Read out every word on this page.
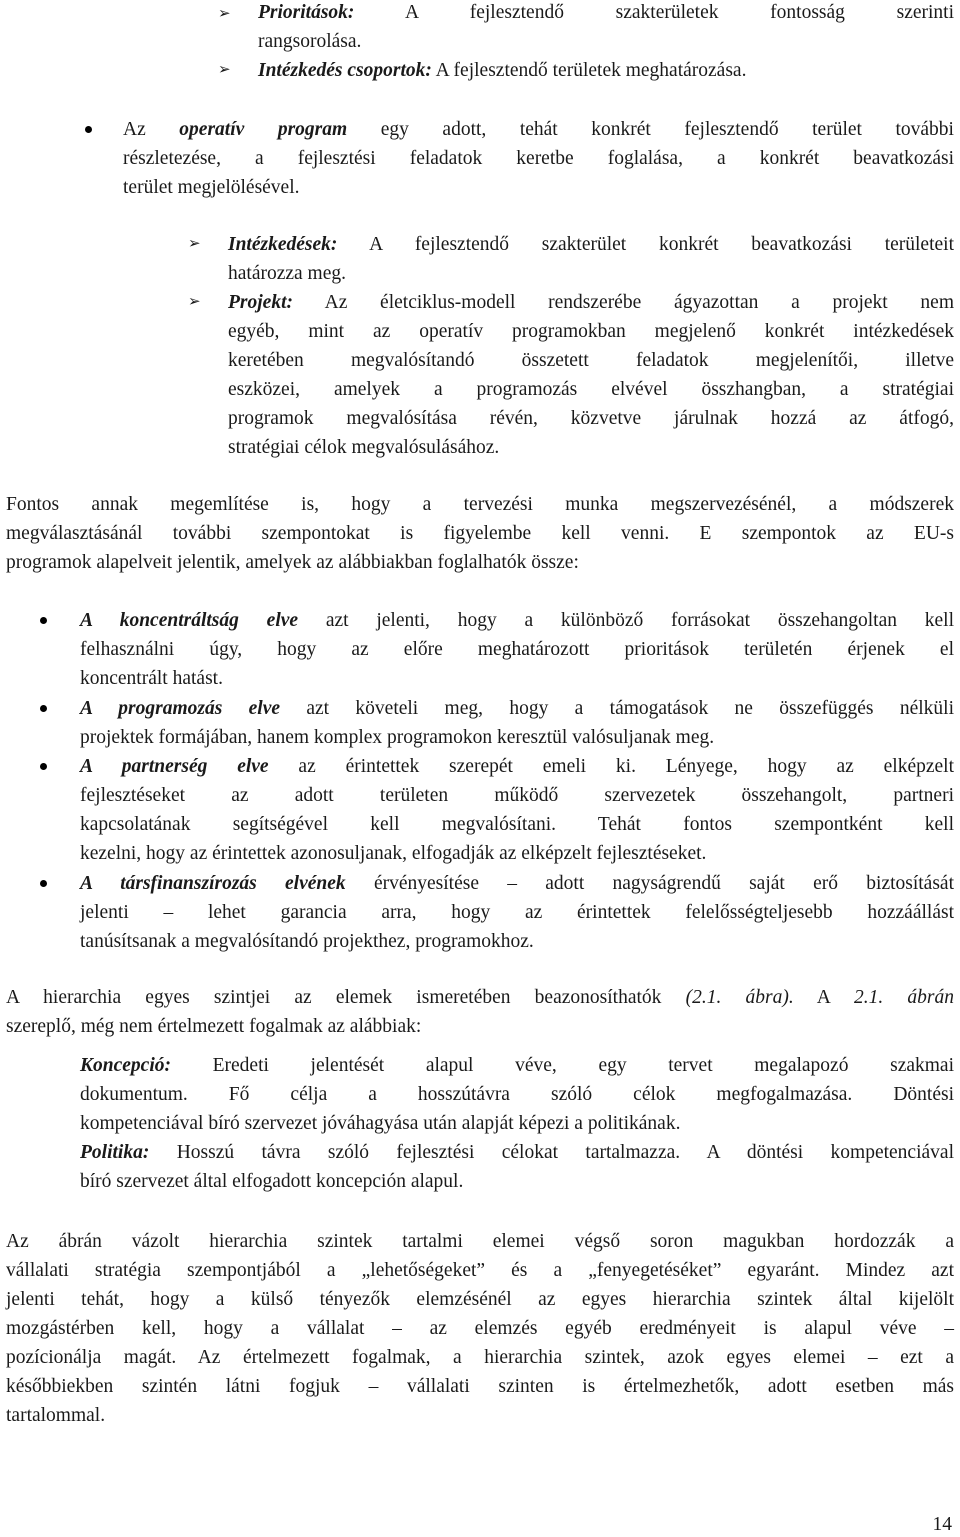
➢ Prioritások: A fejlesztendő szakterületek fontosság szerinti
rangsorolása.

➢ Intézkedés csoportok: A fejlesztendő területek meghatározása.

Az operatív program egy adott, tehát konkrét fejlesztendő terület további
részletezése, a fejlesztési feladatok keretbe foglalása, a konkrét beavatkozási
terület megjelölésével.

➢ Intézkedések: A fejlesztendő szakterület konkrét beavatkozási területeit
határozza meg.

➢ Projekt: Az életciklus-modell rendszerébe ágyazottan a projekt nem
egyéb, mint az operatív programokban megjelenő konkrét intézkedések
keretében megvalósítandó összetett feladatok megjelenítői, illetve
eszközei, amelyek a programozás elvével összhangban, a stratégiai
programok megvalósítása révén, közvetve járulnak hozzá az átfogó,
stratégiai célok megvalósulásához.

Fontos annak megemlítése is, hogy a tervezési munka megszervezésénél, a módszerek
megválasztásánál további szempontokat is figyelembe kell venni. E szempontok az EU-s
programok alapelveit jelentik, amelyek az alábbiakban foglalhatók össze:

A koncentráltság elve azt jelenti, hogy a különböző forrásokat összehangoltan kell
felhasználni úgy, hogy az előre meghatározott prioritások területén érjenek el
koncentrált hatást.

A programozás elve azt követeli meg, hogy a támogatások ne összefüggés nélküli
projektek formájában, hanem komplex programokon keresztül valósuljanak meg.

A partnerség elve az érintettek szerepét emeli ki. Lényege, hogy az elképzelt
fejlesztéseket az adott területen működő szervezetek összehangolt, partneri
kapcsolatának segítségével kell megvalósítani. Tehát fontos szempontként kell
kezelni, hogy az érintettek azonosuljanak, elfogadják az elképzelt fejlesztéseket.

A társfinanszírozás elvének érvényesítése – adott nagyságrendű saját erő biztosítását
jelenti – lehet garancia arra, hogy az érintettek felelősségteljesebb hozzáállást
tanúsítsanak a megvalósítandó projekthez, programokhoz.

A hierarchia egyes szintjei az elemek ismeretében beazonosíthatók (2.1. ábra). A 2.1. ábrán
szereplő, még nem értelmezett fogalmak az alábbiak:

Koncepció: Eredeti jelentését alapul véve, egy tervet megalapozó szakmai
dokumentum. Fő célja a hosszútávra szóló célok megfogalmazása. Döntési
kompetenciával bíró szervezet jóváhagyása után alapját képezi a politikának.

Politika: Hosszú távra szóló fejlesztési célokat tartalmazza. A döntési kompetenciával
bíró szervezet által elfogadott koncepción alapul.

Az ábrán vázolt hierarchia szintek tartalmi elemei végső soron magukban hordozzák a
vállalati stratégia szempontjából a „lehetőségeket” és a „fenyegetéséket” egyaránt. Mindez azt
jelenti tehát, hogy a külső tényezők elemzésénél az egyes hierarchia szintek által kijelölt
mozgástérben kell, hogy a vállalat – az elemzés egyéb eredményeit is alapul véve –
pozícionálja magát. Az értelmezett fogalmak, a hierarchia szintek, azok egyes elemei – ezt a
későbbiekben szintén látni fogjuk – vállalati szinten is értelmezhetők, adott esetben más
tartalommal.

14
